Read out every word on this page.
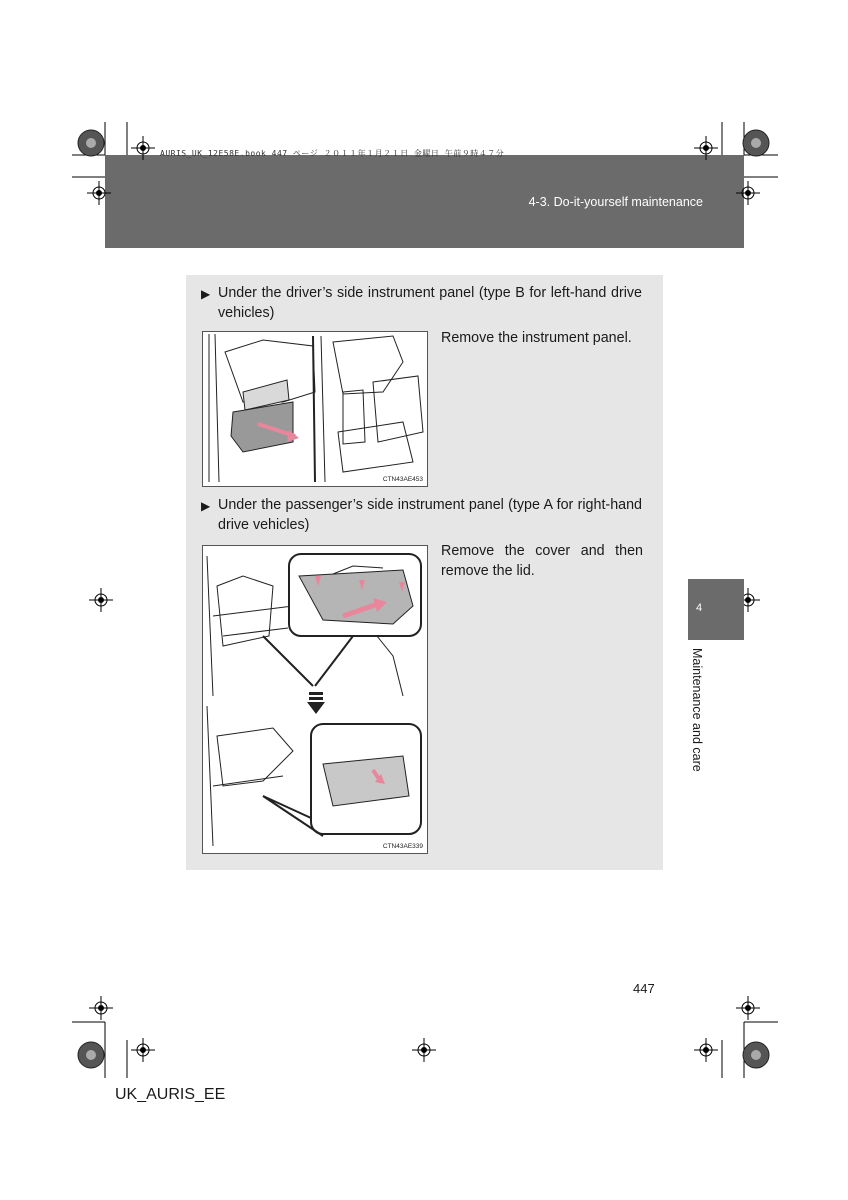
4-3. Do-it-yourself maintenance
AURIS_UK_12E58E.book 447 ページ ２０１１年１月２１日 金曜日 午前９時４７分
▶ Under the driver’s side instrument panel (type B for left-hand drive vehicles)
CTN43AE453
Remove the instrument panel.
▶ Under the passenger’s side instrument panel (type A for right-hand drive vehicles)
CTN43AE339
Remove the cover and then remove the lid.
4
Maintenance and care
447
UK_AURIS_EE
